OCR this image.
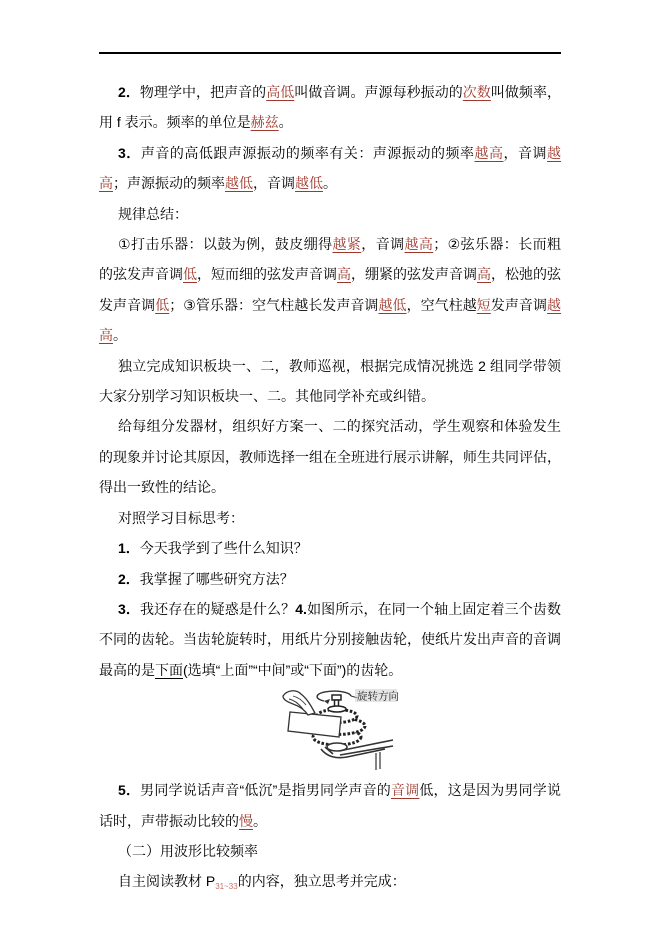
2．物理学中，把声音的高低叫做音调。声源每秒振动的次数叫做频率，用 f 表示。频率的单位是赫兹。

3．声音的高低跟声源振动的频率有关：声源振动的频率越高，音调越高；声源振动的频率越低，音调越低。

规律总结：

①打击乐器：以鼓为例，鼓皮绷得越紧，音调越高；②弦乐器：长而粗的弦发声音调低，短而细的弦发声音调高，绷紧的弦发声音调高，松弛的弦发声音调低；③管乐器：空气柱越长发声音调越低，空气柱越短发声音调越高。

独立完成知识板块一、二，教师巡视，根据完成情况挑选 2 组同学带领大家分别学习知识板块一、二。其他同学补充或纠错。

给每组分发器材，组织好方案一、二的探究活动，学生观察和体验发生的现象并讨论其原因，教师选择一组在全班进行展示讲解，师生共同评估，得出一致性的结论。

对照学习目标思考：

1．今天我学到了些什么知识？

2．我掌握了哪些研究方法？

3．我还存在的疑惑是什么？4.如图所示，在同一个轴上固定着三个齿数不同的齿轮。当齿轮旋转时，用纸片分别接触齿轮，使纸片发出声音的音调最高的是下面(选填“上面”“中间”或“下面”)的齿轮。

旋转方向

5．男同学说话声音“低沉”是指男同学声音的音调低，这是因为男同学说话时，声带振动比较的慢。

（二）用波形比较频率

自主阅读教材 $P_{31\sim 33}$的内容，独立思考并完成：
